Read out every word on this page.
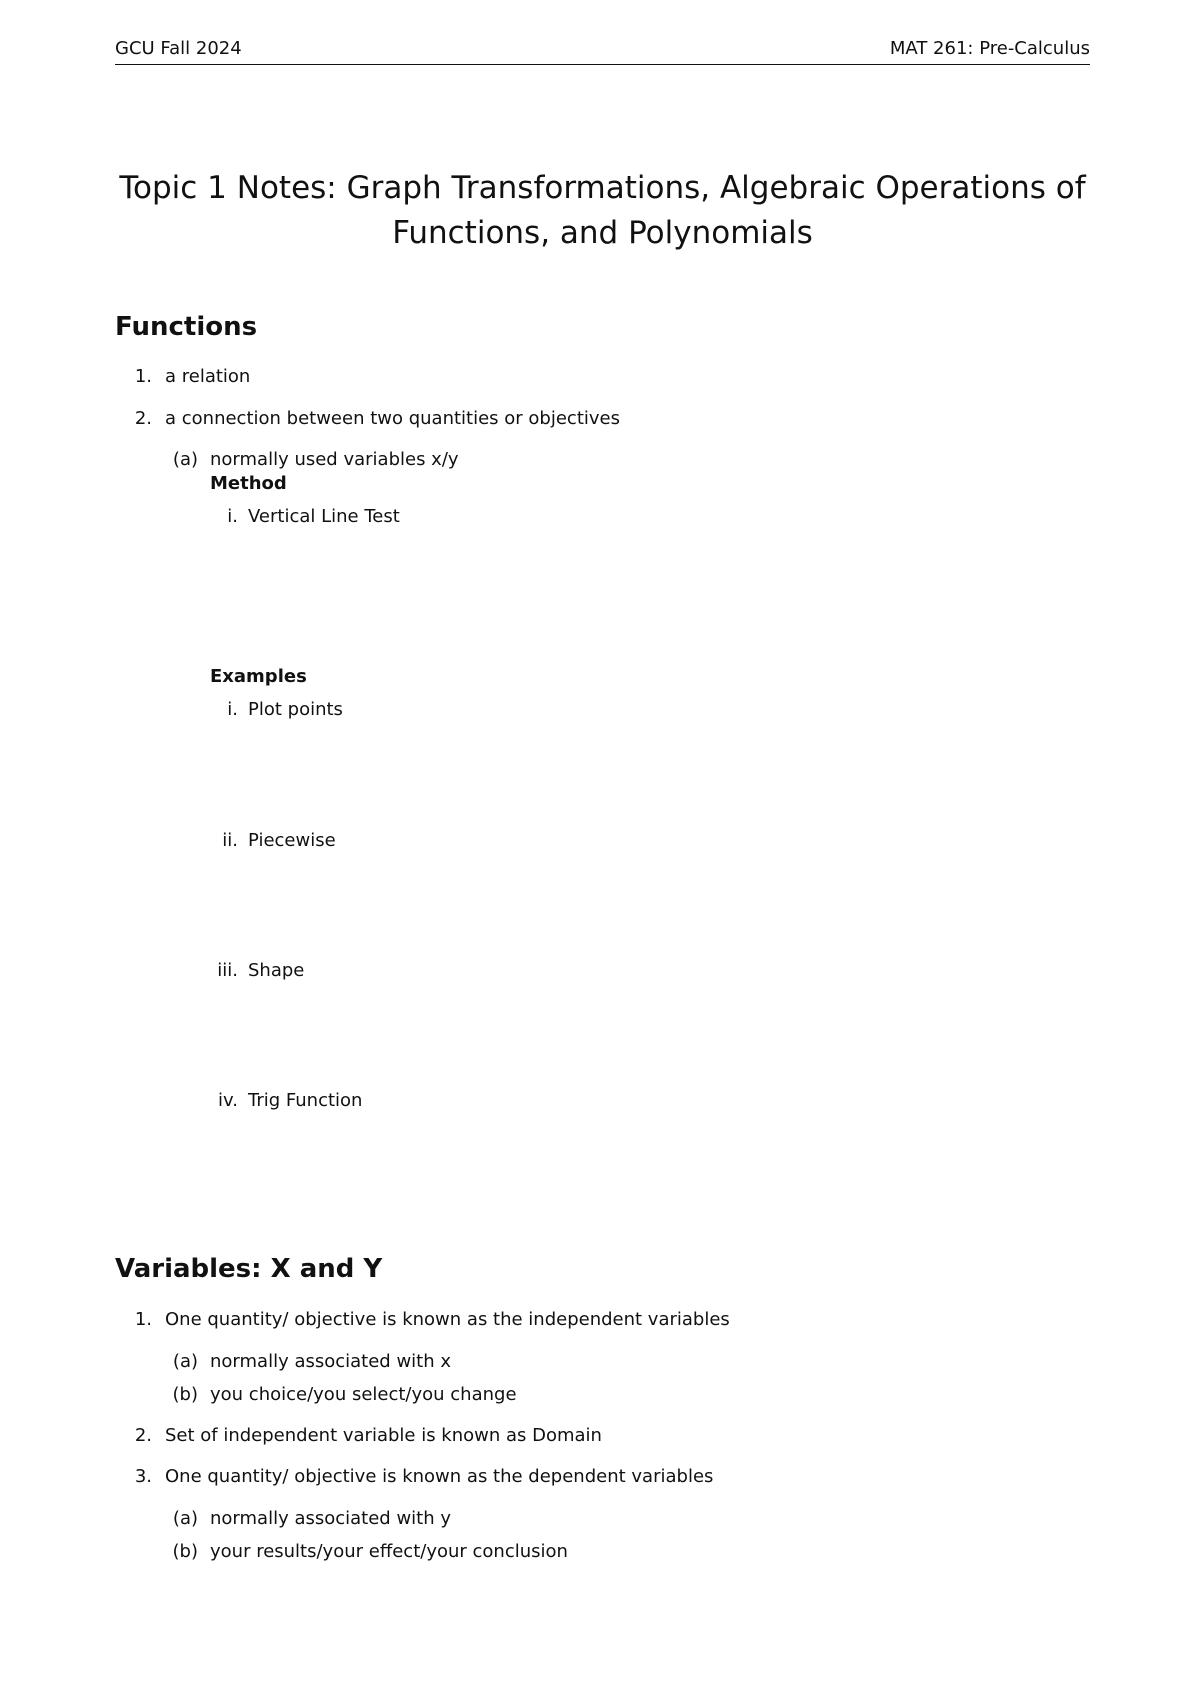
GCU Fall 2024	MAT 261: Pre-Calculus
Topic 1 Notes: Graph Transformations, Algebraic Operations of
Functions, and Polynomials
Functions
1. a relation
2. a connection between two quantities or objectives
(a) normally used variables x/y
Method
i. Vertical Line Test
Examples
i. Plot points
ii. Piecewise
iii. Shape
iv. Trig Function
Variables: X and Y
1. One quantity/ objective is known as the independent variables
(a) normally associated with x
(b) you choice/you select/you change
2. Set of independent variable is known as Domain
3. One quantity/ objective is known as the dependent variables
(a) normally associated with y
(b) your results/your effect/your conclusion
